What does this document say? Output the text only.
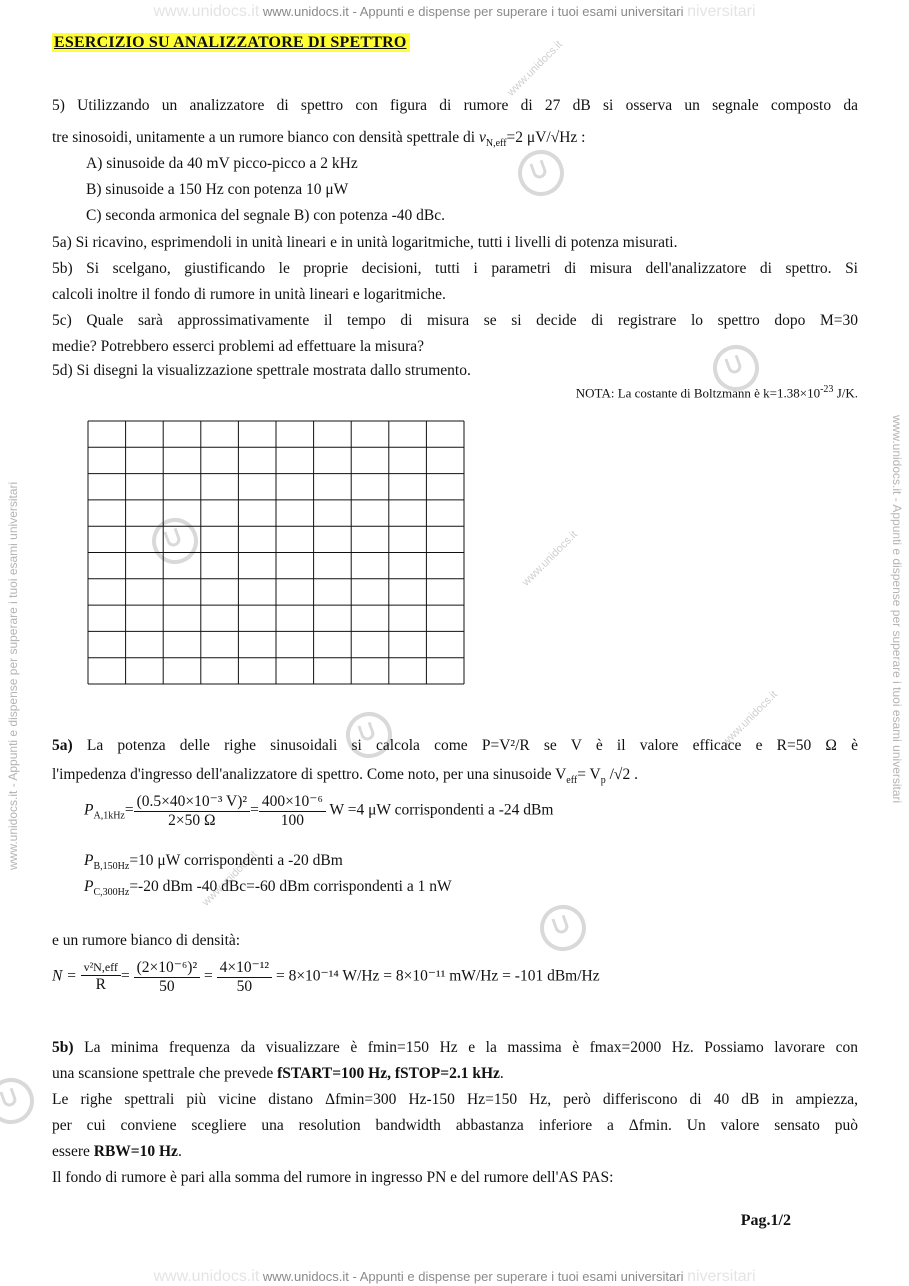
www.unidocs.it www.unidocs.it - Appunti e dispense per superare i tuoi esami universitari niversitari
www.unidocs.it www.unidocs.it - Appunti e dispense per superare i tuoi esami universitari niversitari
www.unidocs.it - Appunti e dispense per superare i tuoi esami universitari	www.unidocs.it - Appunti e dispense per superare i tuoi esami universitari
www.unidocs.it
www.unidocs.it
www.unidocs.it
www.unidocs.it
ESERCIZIO SU ANALIZZATORE DI SPETTRO
5) Utilizzando un analizzatore di spettro con figura di rumore di 27 dB si osserva un segnale composto da
tre sinosoidi, unitamente a un rumore bianco con densità spettrale di $v_{N,eff}=2$ μV/√Hz :
A) sinusoide da 40 mV picco-picco a 2 kHz
B) sinusoide a 150 Hz con potenza 10 μW
C) seconda armonica del segnale B) con potenza -40 dBc.
5a) Si ricavino, esprimendoli in unità lineari e in unità logaritmiche, tutti i livelli di potenza misurati.
5b) Si scelgano, giustificando le proprie decisioni, tutti i parametri di misura dell'analizzatore di spettro. Si
calcoli inoltre il fondo di rumore in unità lineari e logaritmiche.
5c) Quale sarà approssimativamente il tempo di misura se si decide di registrare lo spettro dopo M=30
medie? Potrebbero esserci problemi ad effettuare la misura?
5d) Si disegni la visualizzazione spettrale mostrata dallo strumento.
NOTA: La costante di Boltzmann è $k=1.38\times 10^{-23}$ J/K.
5a) La potenza delle righe sinusoidali si calcola come P=V²/R se V è il valore efficace e R=50 Ω è
l'impedenza d'ingresso dell'analizzatore di spettro. Come noto, per una sinusoide $V_{eff}= V_p$ /√2 .
$P_{A,1kHz}= \frac{\text{(0.5×40×10⁻³ V)²}}{2\times 50 \Omega} = \frac{\text{400×10⁻⁶}}{100}$ W =4 μW corrispondenti a -24 dBm
$P_{B,150Hz}=10$ μW corrispondenti a -20 dBm
$P_{C,300Hz}=-20$ dBm -40 dBc=-60 dBm corrispondenti a 1 nW
e un rumore bianco di densità:
$N = \frac{\text{v²N,eff}}{R} = \frac{\text{(2×10⁻⁶)²}}{50} = \frac{\text{4×10⁻¹²}}{50} = 8\times 10^{-14}$ W/Hz = 8×10⁻¹¹ mW/Hz = -101 dBm/Hz
5b) La minima frequenza da visualizzare è fmin=150 Hz e la massima è fmax=2000 Hz. Possiamo lavorare con
una scansione spettrale che prevede fSTART=100 Hz, fSTOP=2.1 kHz.
Le righe spettrali più vicine distano Δfmin=300 Hz-150 Hz=150 Hz, però differiscono di 40 dB in ampiezza,
per cui conviene scegliere una resolution bandwidth abbastanza inferiore a Δfmin. Un valore sensato può
essere RBW=10 Hz.
Il fondo di rumore è pari alla somma del rumore in ingresso PN e del rumore dell'AS PAS:
Pag.1/2
